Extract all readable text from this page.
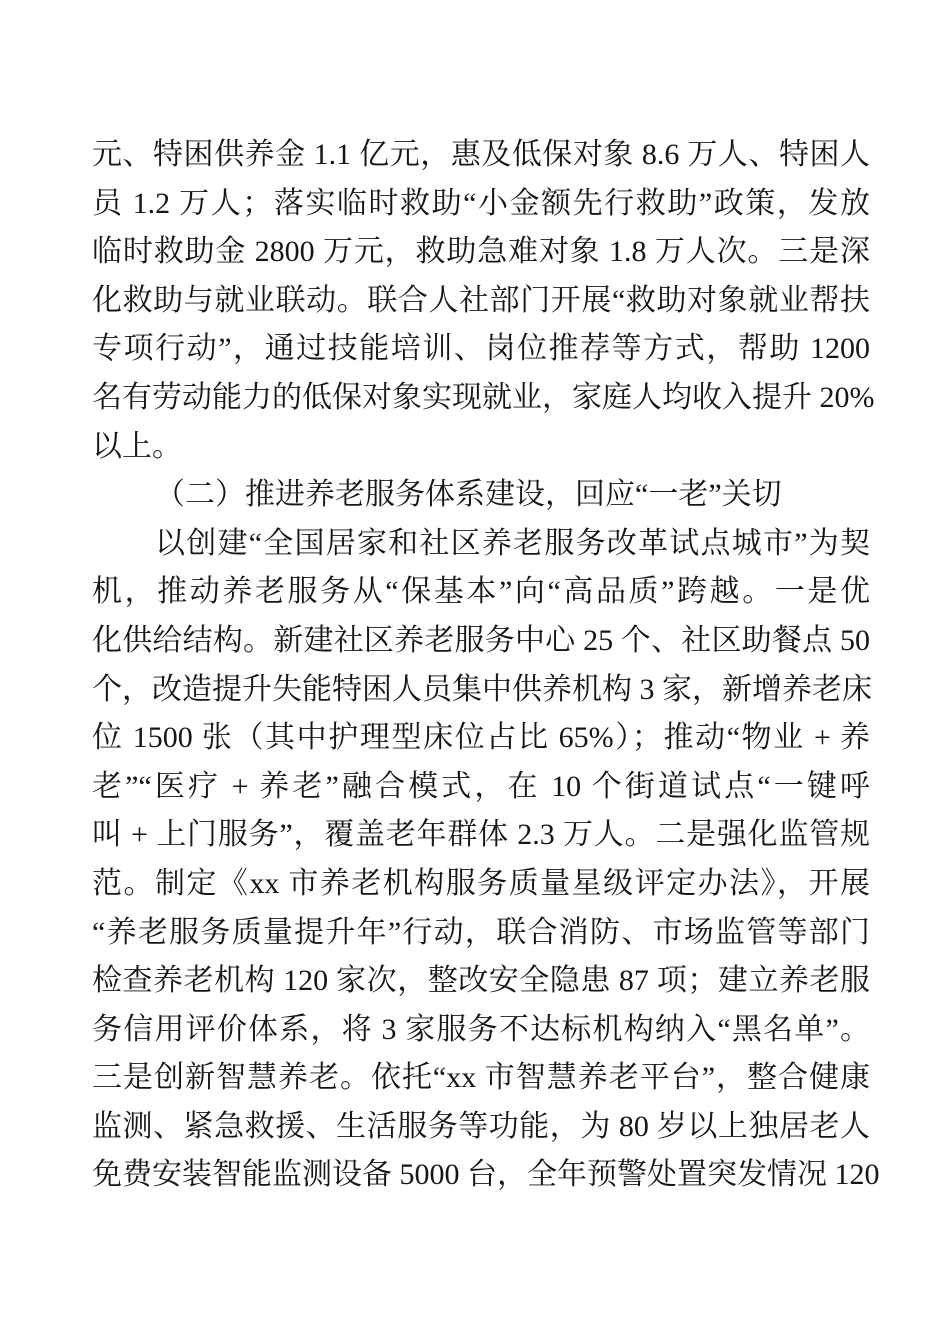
元、特困供养金 1.1 亿元，惠及低保对象 8.6 万人、特困人
员 1.2 万人；落实临时救助“小金额先行救助”政策，发放
临时救助金 2800 万元，救助急难对象 1.8 万人次。三是深
化救助与就业联动。联合人社部门开展“救助对象就业帮扶
专项行动”，通过技能培训、岗位推荐等方式，帮助 1200
名有劳动能力的低保对象实现就业，家庭人均收入提升 20%
以上。
（二）推进养老服务体系建设，回应“一老”关切
以创建“全国居家和社区养老服务改革试点城市”为契
机，推动养老服务从“保基本”向“高品质”跨越。一是优
化供给结构。新建社区养老服务中心 25 个、社区助餐点 50
个，改造提升失能特困人员集中供养机构 3 家，新增养老床
位 1500 张（其中护理型床位占比 65%）；推动“物业 + 养
老”“医疗 + 养老”融合模式，在 10 个街道试点“一键呼
叫 + 上门服务”，覆盖老年群体 2.3 万人。二是强化监管规
范。制定《xx 市养老机构服务质量星级评定办法》，开展
“养老服务质量提升年”行动，联合消防、市场监管等部门
检查养老机构 120 家次，整改安全隐患 87 项；建立养老服
务信用评价体系，将 3 家服务不达标机构纳入“黑名单”。
三是创新智慧养老。依托“xx 市智慧养老平台”，整合健康
监测、紧急救援、生活服务等功能，为 80 岁以上独居老人
免费安装智能监测设备 5000 台，全年预警处置突发情况 120
